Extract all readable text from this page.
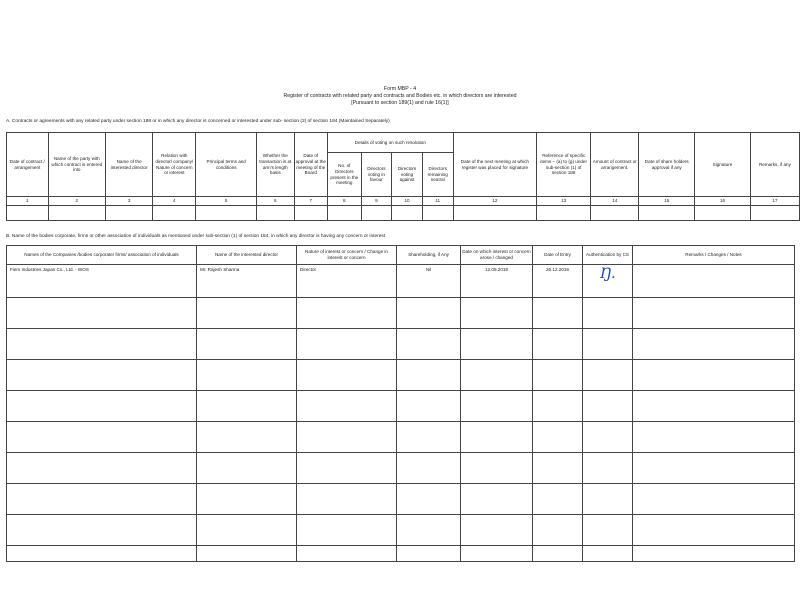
Form MBP - 4
Register of contracts with related party and contracts and Bodies etc. in which directors are interested
[Pursuant to section 189(1) and rule 16(1)]
A. Contracts or agreements with any related party under section 188 or in which any director is concerned or interested under sub- section (2) of section 184 (Maintained Separately)
Date of contract / arrangement	Name of the party with which contract is entered into	Name of the interested director	Relation with director/ company/ Nature of concern or interest	Principal terms and conditions	Whether the transaction is at arm's length basis	Date of approval at the meeting of the Board	Details of voting on such resolution				Date of the next meeting at which register was placed for signature	Reference of specific items – (a) to (g) under sub-section (1) of section 188	Amount of contract or arrangement.	Date of share holders approval if any	Signature	Remarks, if any
							No. of Directors present in the meeting	Directors voting in favour	Directors voting against	Directors remaining neutral						
1	2	3	4	5	6	7	8	9	10	11	12	13	14	15	16	17

B. Name of the bodies corporate, firms or other association of individuals as mentioned under sub-section (1) of section 184, in which any director is having any concern or interest
Names of the Companies /bodies corporate/ firms/ association of individuals	Name of the interested director	Nature of interest or concern / Change in interest or concern	Shareholding, if Any	Date on which interest or concern arose / changed	Date of Entry	Authentication by CS	Remarks / Changes / Notes
Fiem Industries Japan Co., Ltd. - WOS	Mr. Rajesh Sharma	Director	Nil	12.09.2019	26.12.2019	Ŋ.	
